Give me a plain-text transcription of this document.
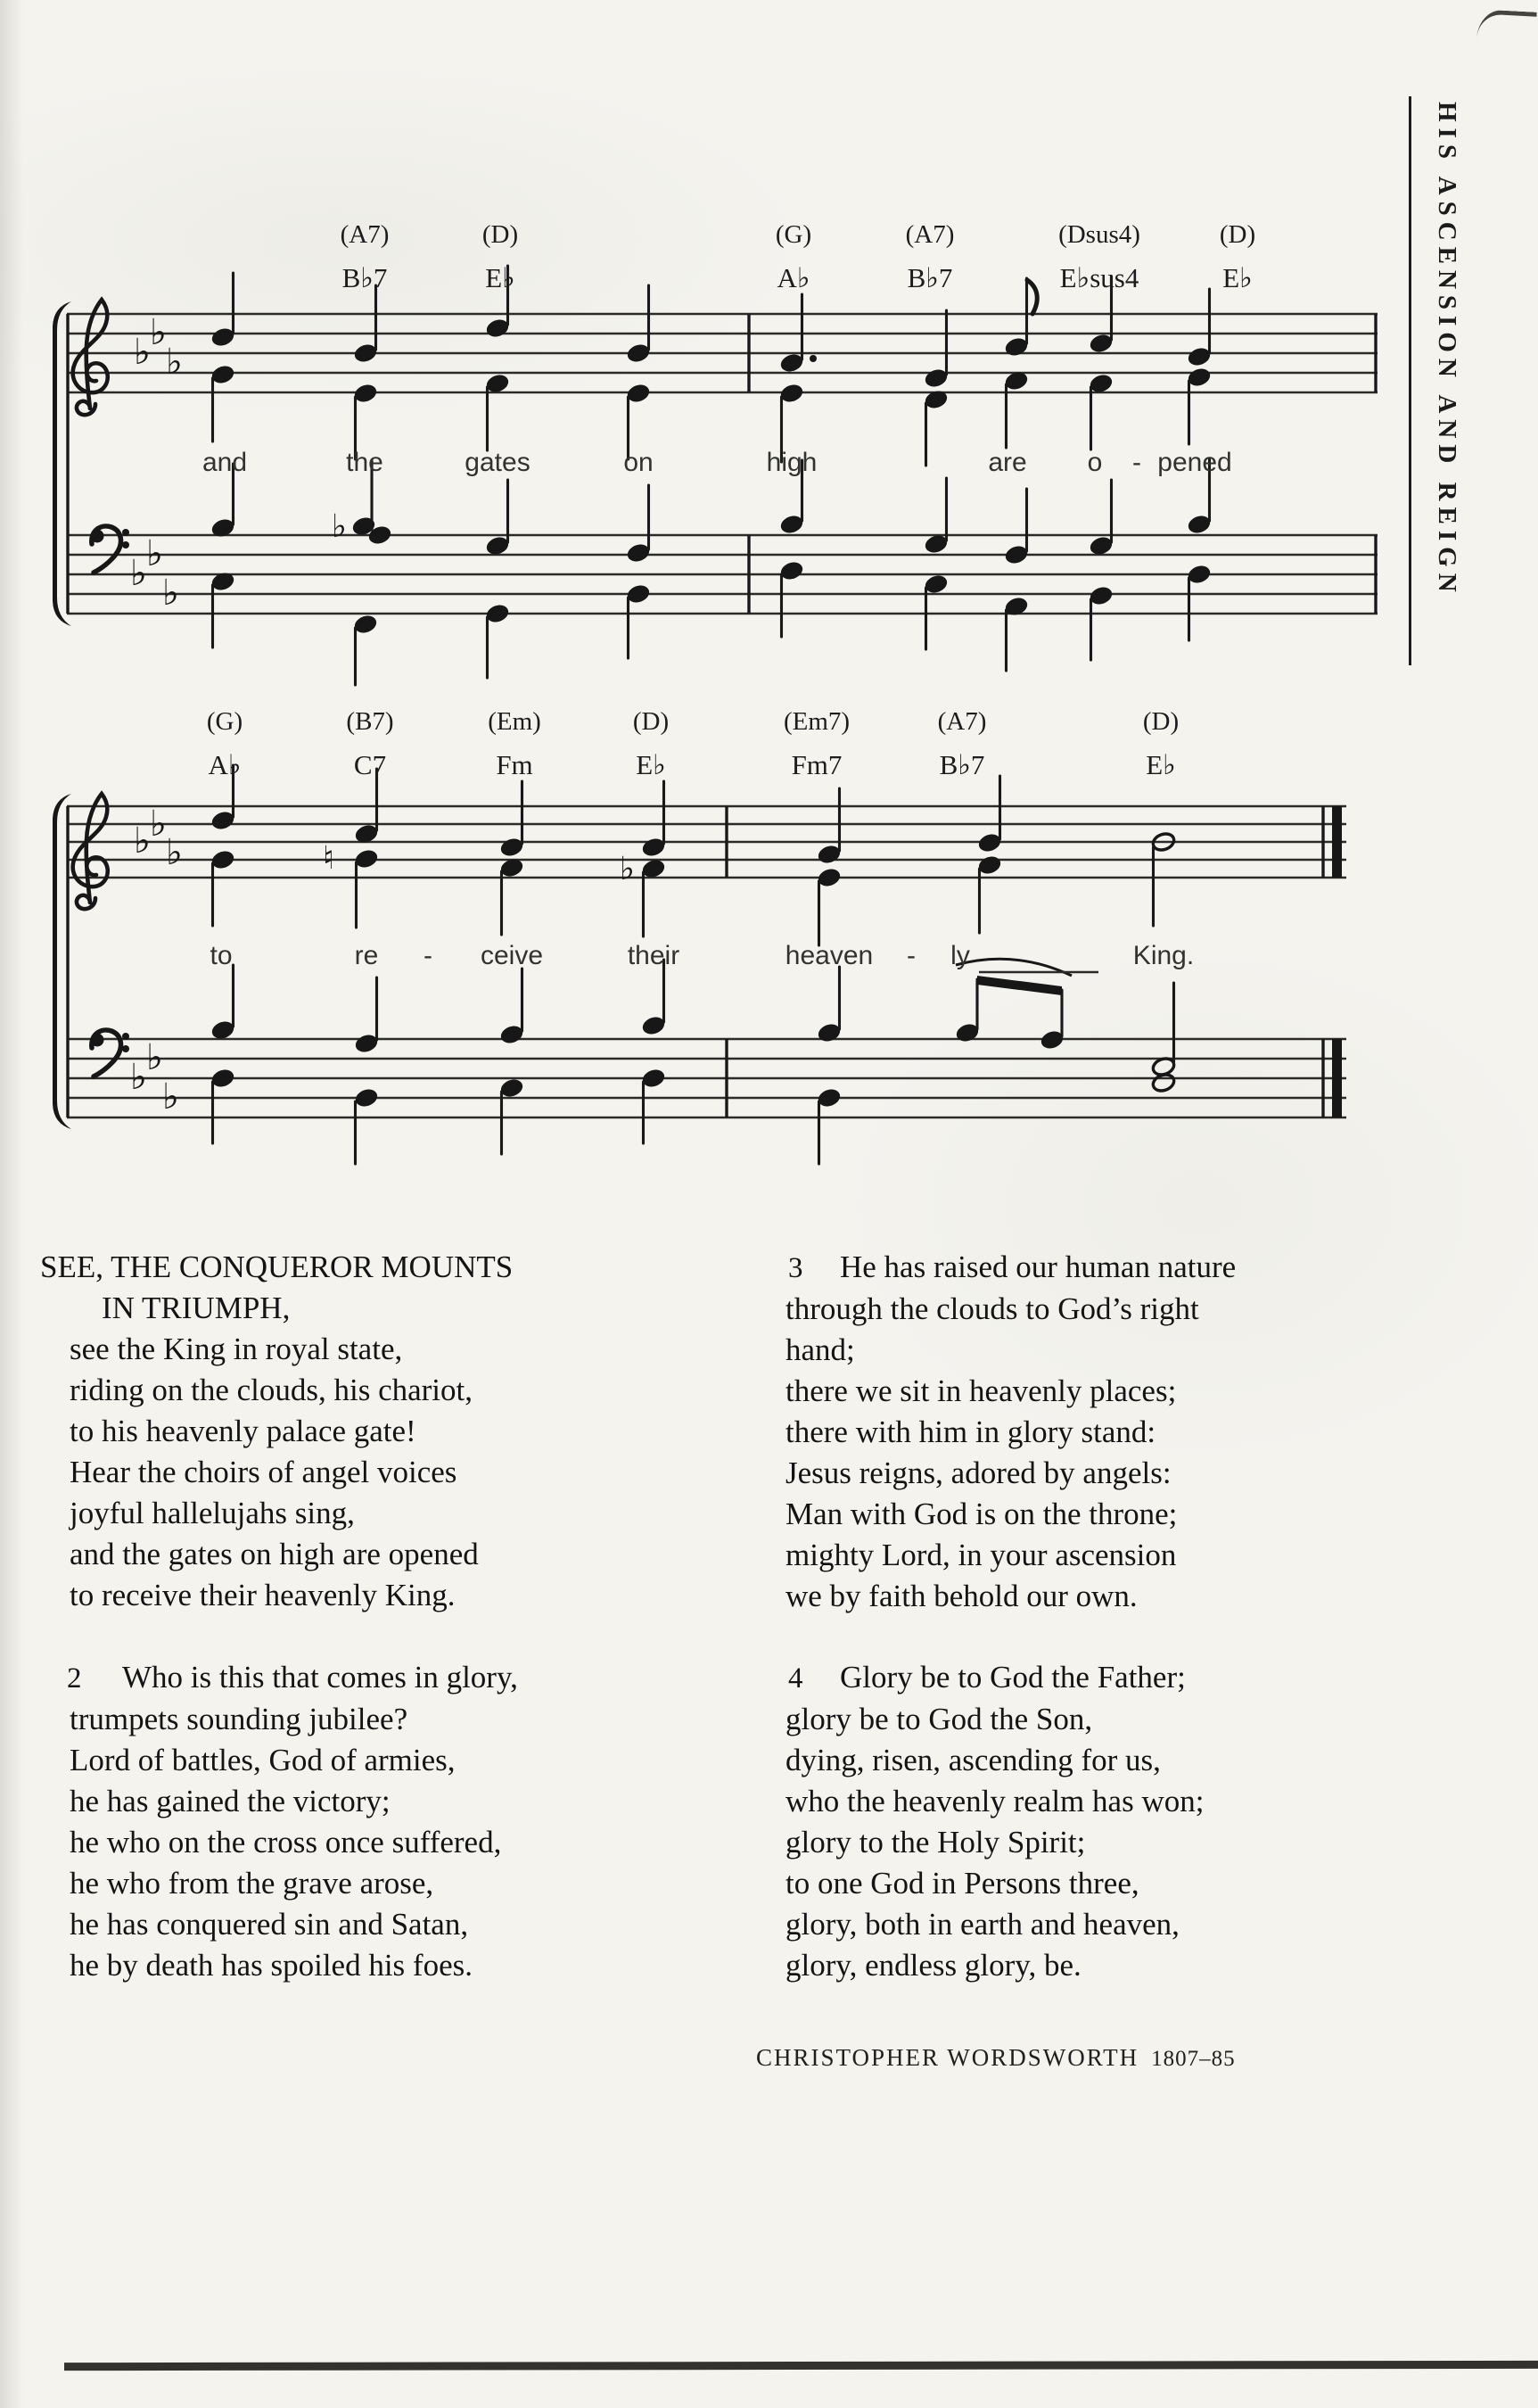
HIS ASCENSION AND REIGN
♭ ♭
♭
♭ ♭
♭
♭
♭ ♭
♭
♭ ♭
♭
♮	♭
(A7)
B♭7
(D)
E♭
(G)
A♭
(A7)
B♭7
(Dsus4)
E♭sus4
(D)
E♭
(G)
A♭
(B7)
C7
(Em)
Fm
(D)
E♭
(Em7)
Fm7
(A7)
B♭7
(D)
E♭
and	the	gates	on	high	are o - pened
to	re - ceive	their	heaven - ly	King.
SEE, THE CONQUEROR MOUNTS
IN TRIUMPH,
see the King in royal state,
riding on the clouds, his chariot,
to his heavenly palace gate!
Hear the choirs of angel voices
joyful hallelujahs sing,
and the gates on high are opened
to receive their heavenly King.
2 Who is this that comes in glory,
trumpets sounding jubilee?
Lord of battles, God of armies,
he has gained the victory;
he who on the cross once suffered,
he who from the grave arose,
he has conquered sin and Satan,
he by death has spoiled his foes.
3 He has raised our human nature
through the clouds to God’s right
hand;
there we sit in heavenly places;
there with him in glory stand:
Jesus reigns, adored by angels:
Man with God is on the throne;
mighty Lord, in your ascension
we by faith behold our own.
4 Glory be to God the Father;
glory be to God the Son,
dying, risen, ascending for us,
who the heavenly realm has won;
glory to the Holy Spirit;
to one God in Persons three,
glory, both in earth and heaven,
glory, endless glory, be.
CHRISTOPHER WORDSWORTH 1807–85
